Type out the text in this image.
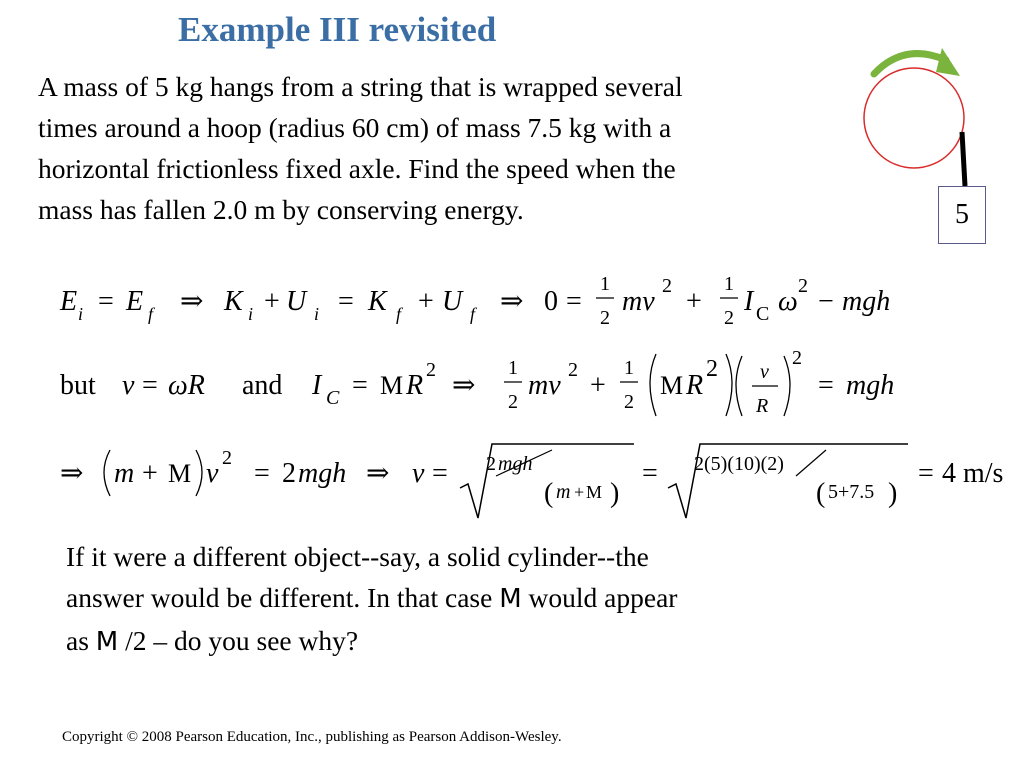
Example III revisited
A mass of 5 kg hangs from a string that is wrapped several
times around a hoop (radius 60 cm) of mass 7.5 kg with a
horizontal frictionless fixed axle. Find the speed when the
mass has fallen 2.0 m by conserving energy.	5
E i = E f ⇒ K i + U i = K f + U f ⇒ 0 =
1
2
mv 2 +
1
2
I C ω 2 − mgh
but v = ωR and I C = M R 2 ⇒
1
2
mv 2 +
1
2
M R
2 v
R
2
= mgh
⇒ m + M v 2 = 2 mgh ⇒ v = 2 mgh
( m + M )
= 2(5)(10)(2)
( 5+7.5 )
= 4 m/s
If it were a different object--say, a solid cylinder--the
answer would be different. In that case M would appear
as M /2 – do you see why?
Copyright © 2008 Pearson Education, Inc., publishing as Pearson Addison-Wesley.
